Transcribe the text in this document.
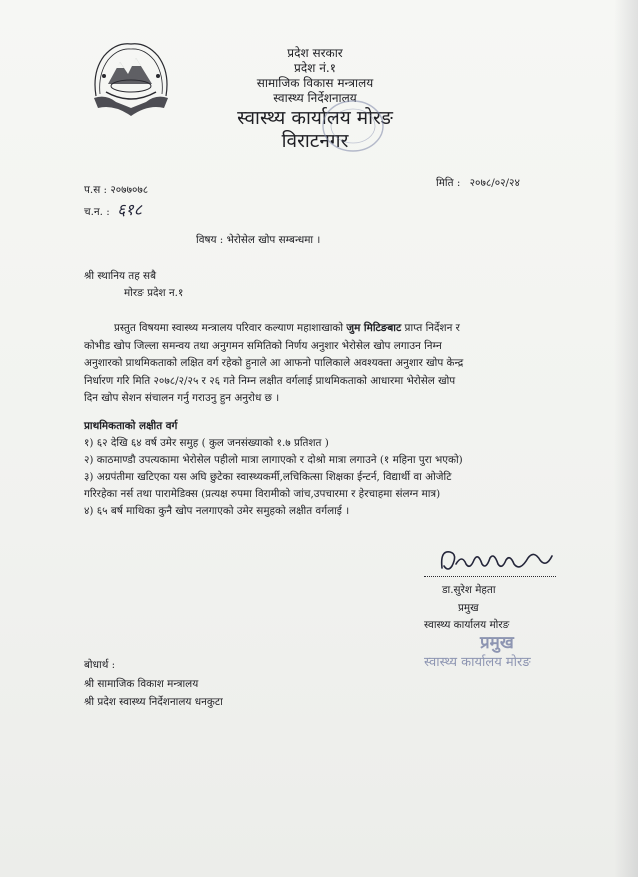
प्रदेश सरकार
प्रदेश नं.१
सामाजिक विकास मन्त्रालय
स्वास्थ्य निर्देशनालय
स्वास्थ्य कार्यालय मोरङ
विराटनगर
प.स : २०७७०७८
च.न. : ६१८
मिति : २०७८/०२/२४
विषय : भेरोसेल खोप सम्बन्धमा ।
श्री स्थानिय तह सबै
मोरङ प्रदेश न.१
प्रस्तुत विषयमा स्वास्थ्य मन्त्रालय परिवार कल्याण महाशाखाको जुम मिटिङबाट प्राप्त निर्देशन र
कोभीड खोप जिल्ला समन्वय तथा अनुगमन समितिको निर्णय अनुशार भेरोसेल खोप लगाउन निम्न
अनुशारको प्राथमिकताको लक्षित वर्ग रहेको हुनाले आ आफनो पालिकाले अवश्यक्ता अनुशार खोप केन्द्र
निर्धारण गरि मिति २०७८/२/२५ र २६ गते निम्न लक्षीत वर्गलाई प्राथमिकताको आधारमा भेरोसेल खोप
दिन खोप सेशन संचालन गर्नु गराउनु हुन अनुरोध छ ।
प्राथमिकताको लक्षीत वर्ग
१) ६२ देखि ६४ वर्ष उमेर समुह ( कुल जनसंख्याको १.७ प्रतिशत )
२) काठमाण्डौ उपत्यकामा भेरोसेल पहीलो मात्रा लागाएको र दोश्रो मात्रा लगाउने (१ महिना पुरा भएको)
३) अग्रपंतीमा खटिएका यस अघि छुटेका स्वास्थ्यकर्मी,लचिकित्सा शिक्षका ईन्टर्न, विद्यार्थी वा ओजेटि
गरिरहेका नर्स तथा पारामेडिक्स (प्रत्यक्ष रुपमा विरामीको जांच,उपचारमा र हेरचाहमा संलग्न मात्र)
४) ६५ बर्ष माथिका कुनै खोप नलगाएको उमेर समुहको लक्षीत वर्गलाई ।
डा.सुरेश मेहता
प्रमुख
स्वास्थ्य कार्यालय मोरङ
प्रमुख
स्वास्थ्य कार्यालय मोरङ
बोधार्थ :
श्री सामाजिक विकाश मन्त्रालय
श्री प्रदेश स्वास्थ्य निर्देशनालय धनकुटा
